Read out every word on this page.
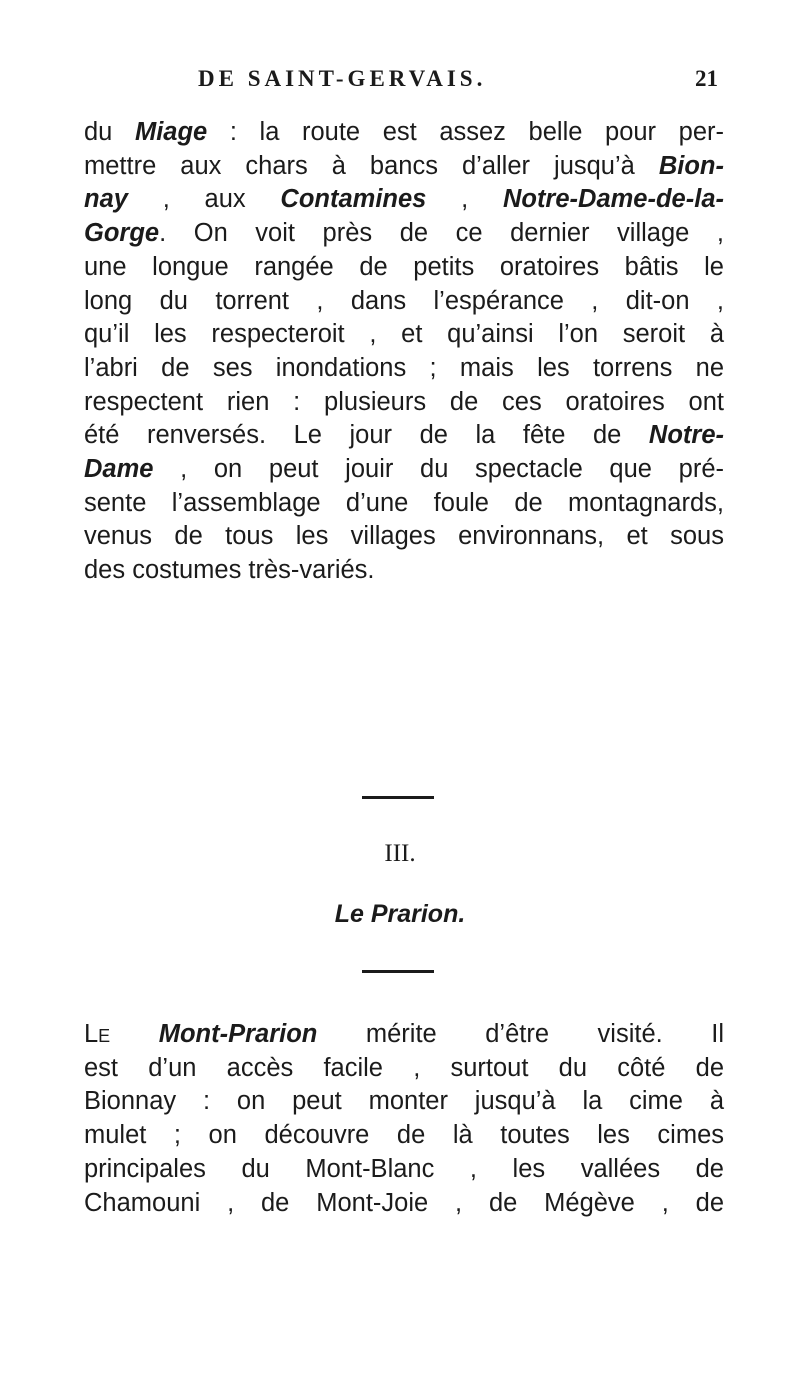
DE SAINT-GERVAIS.	21

du Miage : la route est assez belle pour per-
mettre aux chars à bancs d’aller jusqu’à Bion-
nay , aux Contamines , Notre-Dame-de-la-
Gorge. On voit près de ce dernier village ,
une longue rangée de petits oratoires bâtis le
long du torrent , dans l’espérance , dit-on ,
qu’il les respecteroit , et qu’ainsi l’on seroit à
l’abri de ses inondations ; mais les torrens ne
respectent rien : plusieurs de ces oratoires ont
été renversés. Le jour de la fête de Notre-
Dame , on peut jouir du spectacle que pré-
sente l’assemblage d’une foule de montagnards,
venus de tous les villages environnans, et sous
des costumes très-variés.

III.
Le Prarion.

Le Mont-Prarion mérite d’être visité. Il
est d’un accès facile , surtout du côté de
Bionnay : on peut monter jusqu’à la cime à
mulet ; on découvre de là toutes les cimes
principales du Mont-Blanc , les vallées de
Chamouni , de Mont-Joie , de Mégève , de
